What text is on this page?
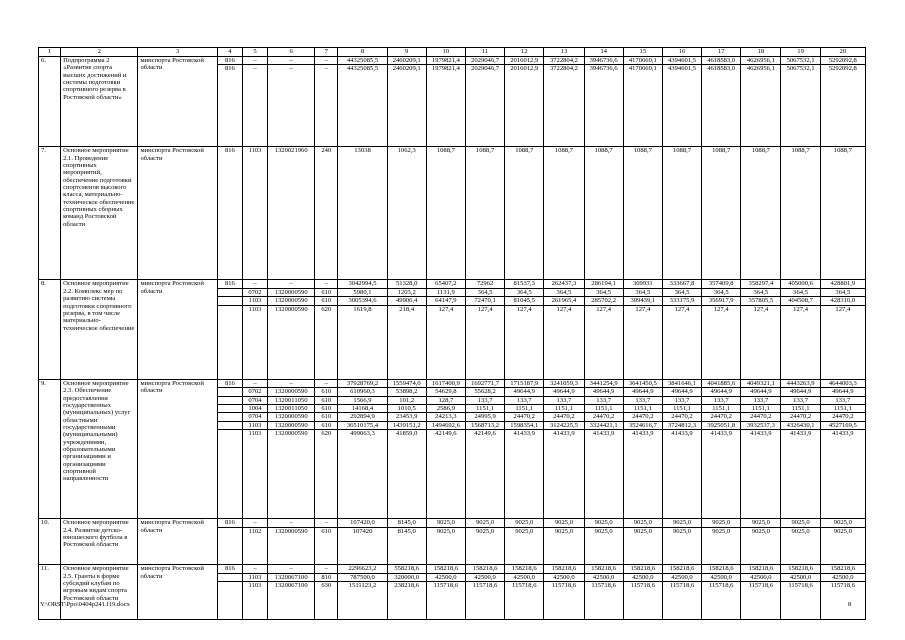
1	2	3	4	5	6	7	8	9	10	11	12	13	14	15	16	17	18	19	20
6.	Подпрограмма 2 «Развитие спорта высших достижений и системы подготовки спортивного резерва в Ростовской области»	минспорта Ростовской области	816	–	–	–	44325085,5	2460209,1	1979821,4	2029046,7	2016012,9	3722804,2	3946736,6	4170669,1	4394601,5	4618583,0	4626956,1	5067532,1	5292092,8
			816	–	–	–	44325085,5	2460209,1	1979821,4	2029046,7	2016012,9	3722804,2	3946736,6	4170669,1	4394601,5	4618583,0	4626956,1	5067532,1	5292092,8
7.	Основное мероприятие 2.1. Проведение спортивных мероприятий, обеспечение подготовки спортсменов высокого класса, материально-техническое обеспечение спортивных сборных команд Ростовской области	минспорта Ростовской области	816	1103	1320021960	240	13038	1062,3	1088,7	1088,7	1088,7	1088,7	1088,7	1088,7	1088,7	1088,7	1088,7	1088,7	1088,7
8.	Основное мероприятие 2.2. Комплекс мер по развитию системы подготовки спортивного резерва, в том числе материально-техническое обеспечение	минспорта Ростовской области	816	–	–	–	3042994,5	51328,0	65407,2	72962	81537,3	262437,3	286194,1	309931	333667,8	357409,8	358297,4	405000,6	428801,9
				0702	1320000590	610	5980,1	1203,2	1131,9	364,5	364,5	364,5	364,5	364,5	364,5	364,5	364,5	364,5	364,5
				1103	1320000590	610	3005394,6	49906,4	64147,9	72470,1	81045,5	261965,4	285702,2	309439,1	333175,9	356917,9	357805,5	404508,7	428310,0
				1103	1320000590	620	1619,8	218,4	127,4	127,4	127,4	127,4	127,4	127,4	127,4	127,4	127,4	127,4	127,4
9.	Основное мероприятие 2.3. Обеспечение предоставления государственных (муниципальных) услуг областными государственными (муниципальными) учреждениями, образовательными организациями и организациями спортивной направленности	минспорта Ростовской области	816	–	–	–	37928769,2	1559474,0	1617400,9	1692771,7	1715187,9	3241059,3	3441254,9	3641450,5	3841646,1	4041885,6	4049321,1	4443263,9	4644003,3
				0702	1320000590	610	610960,3	53898,2	54629,8	55628,2	49644,9	49644,9	49644,9	49644,9	49644,9	49644,9	49644,9	49644,9	49644,9
				0704	1320011050	610	1566,9	101,2	128,7	133,7	133,7	133,7	133,7	133,7	133,7	133,7	133,7	133,7	133,7
				1004	1320011050	610	14168,4	1010,5	2586,9	1151,1	1151,1	1151,1	1151,1	1151,1	1151,1	1151,1	1151,1	1151,1	1151,1
				0704	1320000590	610	292894,9	23453,9	24213,3	24995,9	24470,2	24470,2	24470,2	24470,2	24470,2	24470,2	24470,2	24470,2	24470,2
				1103	1320000590	610	36510175,4	1439151,2	1494692,6	1568713,2	1598354,1	3124225,5	3324421,1	3524616,7	3724812,3	3925051,8	3932537,3	4326430,1	4527169,5
				1103	1320000590	620	499063,3	41859,0	42149,6	42149,6	41433,9	41433,9	41433,9	41433,9	41433,9	41433,9	41433,9	41433,9	41433,9
10.	Основное мероприятие 2.4. Развитие детско-юношеского футбола в Ростовской области	минспорта Ростовской области	816	–	–	–	107420,0	8145,0	9025,0	9025,0	9025,0	9025,0	9025,0	9025,0	9025,0	9025,0	9025,0	9025,0	9025,0
				1102	1320000590	610	107420	8145,0	9025,0	9025,0	9025,0	9025,0	9025,0	9025,0	9025,0	9025,0	9025,0	9025,0	9025,0
11.	Основное мероприятие 2.5. Гранты в форме субсидий клубам по игровым видам спорта Ростовской области	минспорта Ростовской области	816	–	–	–	2296623,2	558218,6	158218,6	158218,6	158218,6	158218,6	158218,6	158218,6	158218,6	158218,6	158218,6	158218,6	158218,6
				1103	1320067100	810	787500,0	320000,0	42500,0	42500,0	42500,0	42500,0	42500,0	42500,0	42500,0	42500,0	42500,0	42500,0	42500,0
				1103	1320067100	630	1511123,2	238218,6	115718,6	115718,6	115718,6	115718,6	115718,6	115718,6	115718,6	115718,6	115718,6	115718,6	115718,6
Y:\ORST\Ppo\0404p241.f19.docx	8
